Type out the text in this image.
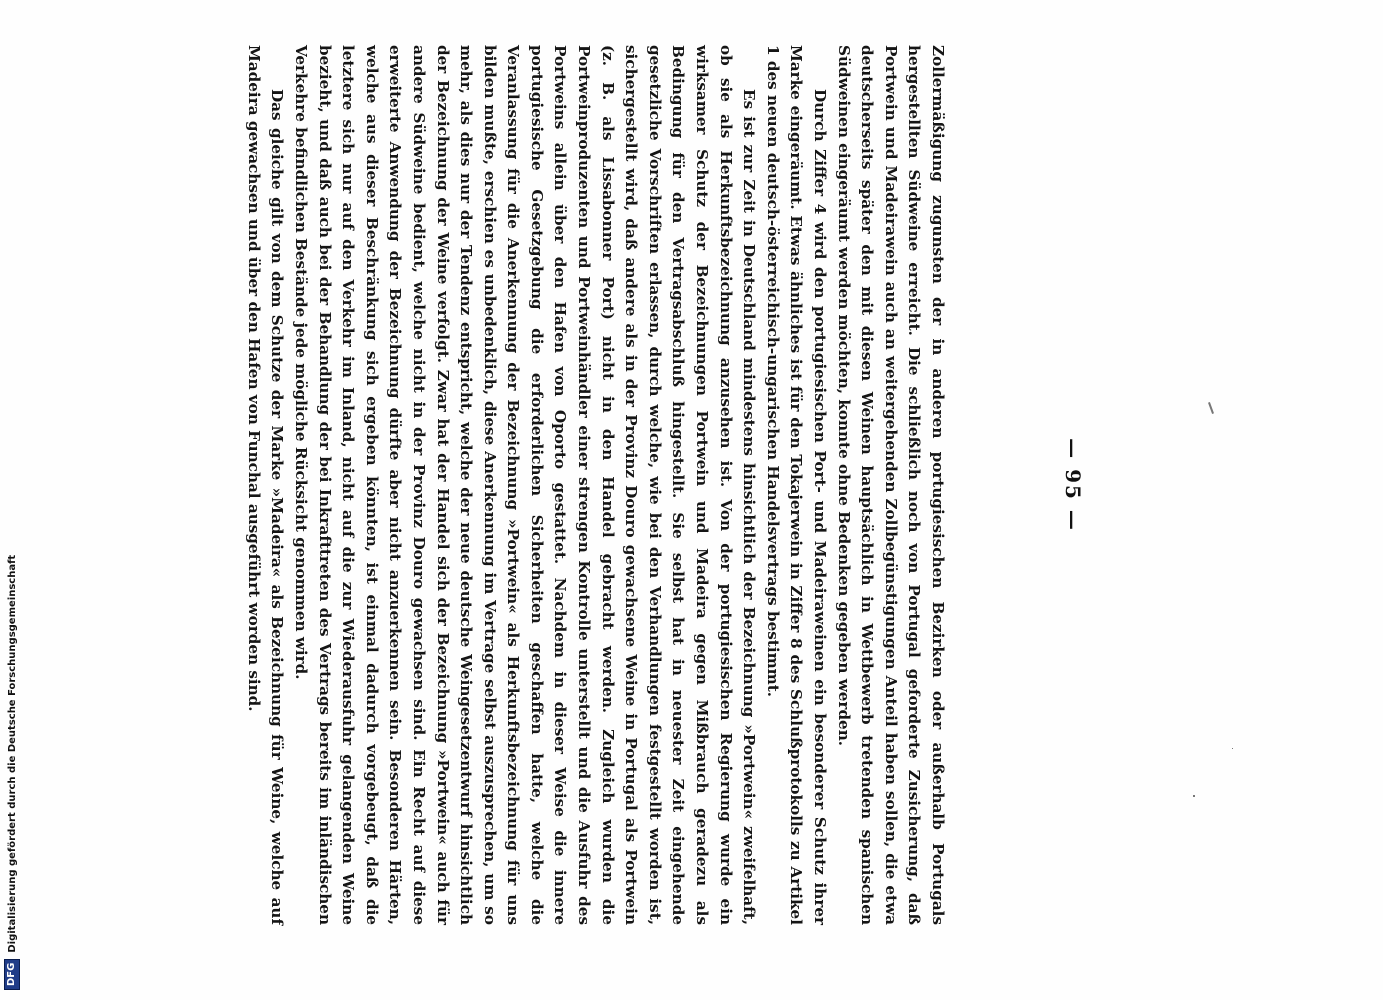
— 95 —

Zollermäßigung zugunsten der in anderen portugiesischen Bezirken oder außerhalb Portugals hergestellten Südweine erreicht. Die schließlich noch von Portugal geforderte Zusicherung, daß Portwein und Madeirawein auch an weitergehenden Zollbegünstigungen Anteil haben sollen, die etwa deutscherseits später den mit diesen Weinen hauptsächlich in Wettbewerb tretenden spanischen Südweinen eingeräumt werden möchten, konnte ohne Bedenken gegeben werden.

Durch Ziffer 4 wird den portugiesischen Port- und Madeiraweinen ein besonderer Schutz ihrer Marke eingeräumt. Etwas ähnliches ist für den Tokajerwein in Ziffer 8 des Schlußprotokolls zu Artikel 1 des neuen deutsch-österreichisch-ungarischen Handelsvertrags bestimmt.

Es ist zur Zeit in Deutschland mindestens hinsichtlich der Bezeichnung »Portwein« zweifelhaft, ob sie als Herkunftsbezeichnung anzusehen ist. Von der portugiesischen Regierung wurde ein wirksamer Schutz der Bezeichnungen Portwein und Madeira gegen Mißbrauch geradezu als Bedingung für den Vertragsabschluß hingestellt. Sie selbst hat in neuester Zeit eingehende gesetzliche Vorschriften erlassen, durch welche, wie bei den Verhandlungen festgestellt worden ist, sichergestellt wird, daß andere als in der Provinz Douro gewachsene Weine in Portugal als Portwein (z. B. als Lissabonner Port) nicht in den Handel gebracht werden. Zugleich wurden die Portweinproduzenten und Portweinhändler einer strengen Kontrolle unterstellt und die Ausfuhr des Portweins allein über den Hafen von Oporto gestattet. Nachdem in dieser Weise die innere portugiesische Gesetzgebung die erforderlichen Sicherheiten geschaffen hatte, welche die Veranlassung für die Anerkennung der Bezeichnung »Portwein« als Herkunftsbezeichnung für uns bilden mußte, erschien es unbedenklich, diese Anerkennung im Vertrage selbst auszusprechen, um so mehr, als dies nur der Tendenz entspricht, welche der neue deutsche Weingesetzentwurf hinsichtlich der Bezeichnung der Weine verfolgt. Zwar hat der Handel sich der Bezeichnung »Portwein« auch für andere Südweine bedient, welche nicht in der Provinz Douro gewachsen sind. Ein Recht auf diese erweiterte Anwendung der Bezeichnung dürfte aber nicht anzuerkennen sein. Besonderen Härten, welche aus dieser Beschränkung sich ergeben könnten, ist einmal dadurch vorgebeugt, daß die letztere sich nur auf den Verkehr im Inland, nicht auf die zur Wiederausfuhr gelangenden Weine bezieht, und daß auch bei der Behandlung der bei Inkrafttreten des Vertrags bereits im inländischen Verkehre befindlichen Bestände jede mögliche Rücksicht genommen wird.

Das gleiche gilt von dem Schutze der Marke »Madeira« als Bezeichnung für Weine, welche auf Madeira gewachsen und über den Hafen von Funchal ausgeführt worden sind.

DFG
Digitalisierung gefördert durch die Deutsche Forschungsgemeinschaft
